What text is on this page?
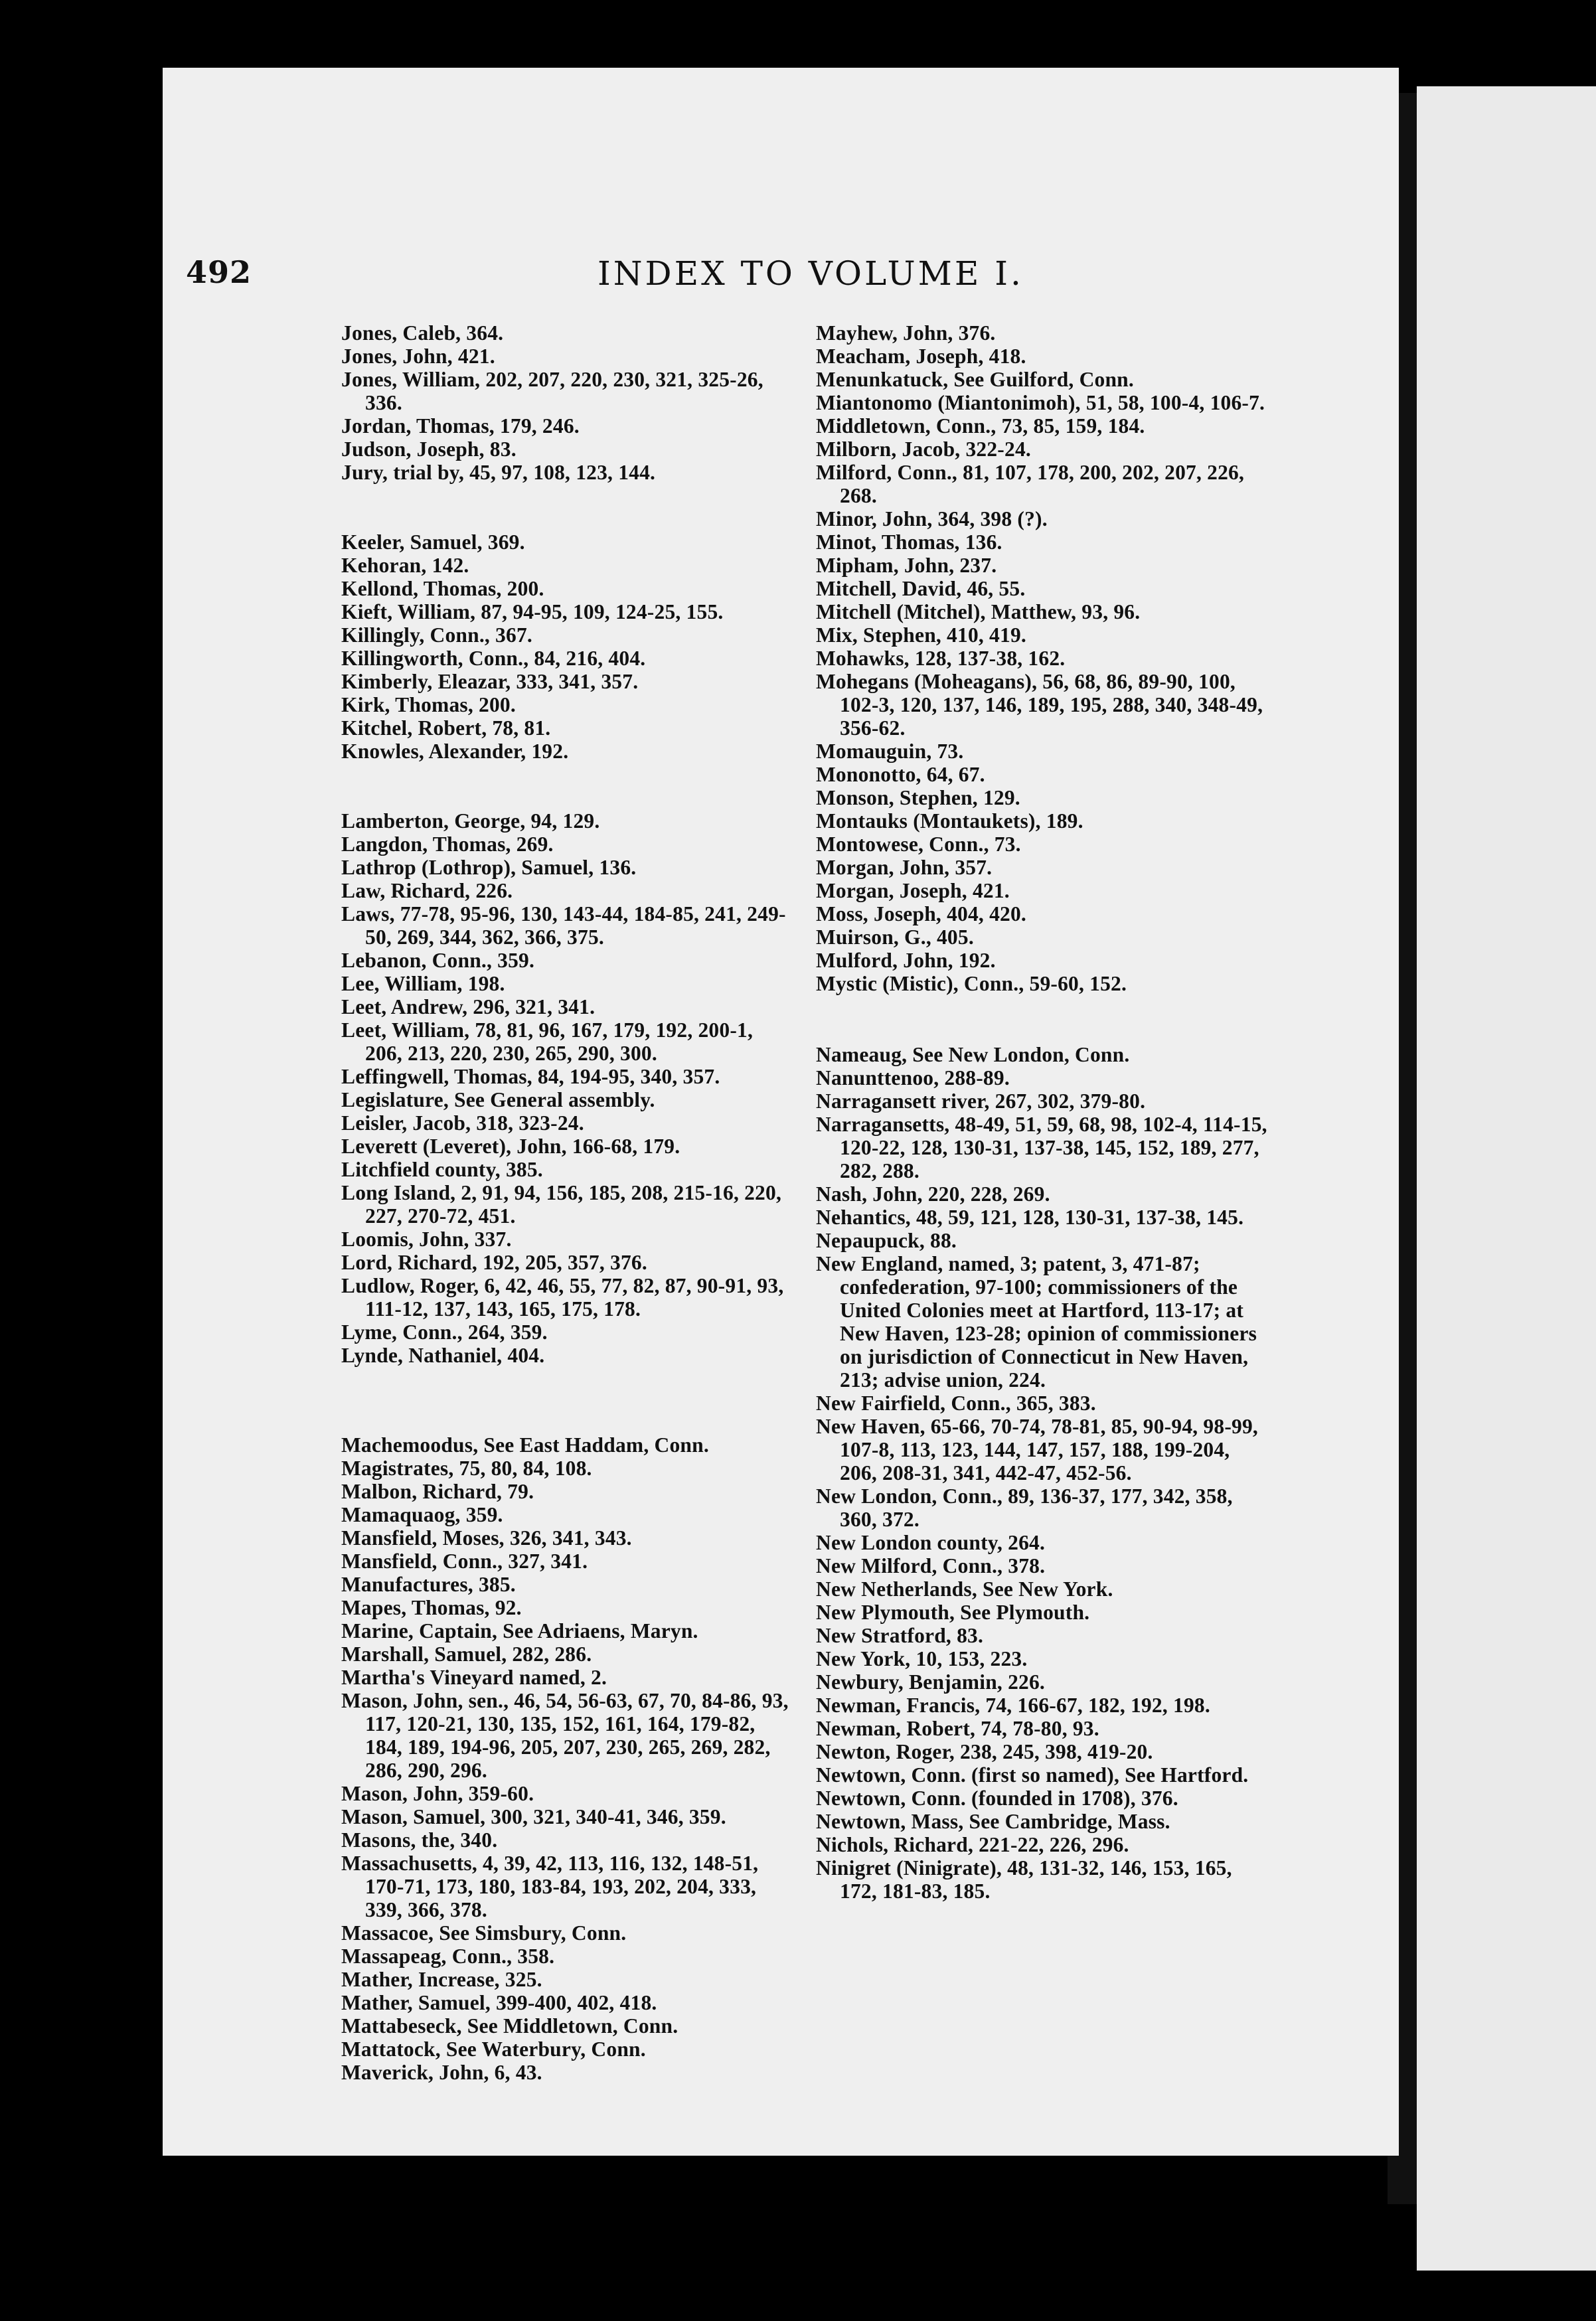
492	INDEX TO VOLUME I.
Jones, Caleb, 364.
Jones, John, 421.
Jones, William, 202, 207, 220, 230, 321, 325-26, 336.
Jordan, Thomas, 179, 246.
Judson, Joseph, 83.
Jury, trial by, 45, 97, 108, 123, 144.
Keeler, Samuel, 369.
Kehoran, 142.
Kellond, Thomas, 200.
Kieft, William, 87, 94-95, 109, 124-25, 155.
Killingly, Conn., 367.
Killingworth, Conn., 84, 216, 404.
Kimberly, Eleazar, 333, 341, 357.
Kirk, Thomas, 200.
Kitchel, Robert, 78, 81.
Knowles, Alexander, 192.
Lamberton, George, 94, 129.
Langdon, Thomas, 269.
Lathrop (Lothrop), Samuel, 136.
Law, Richard, 226.
Laws, 77-78, 95-96, 130, 143-44, 184-85, 241, 249-50, 269, 344, 362, 366, 375.
Lebanon, Conn., 359.
Lee, William, 198.
Leet, Andrew, 296, 321, 341.
Leet, William, 78, 81, 96, 167, 179, 192, 200-1, 206, 213, 220, 230, 265, 290, 300.
Leffingwell, Thomas, 84, 194-95, 340, 357.
Legislature, See General assembly.
Leisler, Jacob, 318, 323-24.
Leverett (Leveret), John, 166-68, 179.
Litchfield county, 385.
Long Island, 2, 91, 94, 156, 185, 208, 215-16, 220, 227, 270-72, 451.
Loomis, John, 337.
Lord, Richard, 192, 205, 357, 376.
Ludlow, Roger, 6, 42, 46, 55, 77, 82, 87, 90-91, 93, 111-12, 137, 143, 165, 175, 178.
Lyme, Conn., 264, 359.
Lynde, Nathaniel, 404.
Machemoodus, See East Haddam, Conn.
Magistrates, 75, 80, 84, 108.
Malbon, Richard, 79.
Mamaquaog, 359.
Mansfield, Moses, 326, 341, 343.
Mansfield, Conn., 327, 341.
Manufactures, 385.
Mapes, Thomas, 92.
Marine, Captain, See Adriaens, Maryn.
Marshall, Samuel, 282, 286.
Martha's Vineyard named, 2.
Mason, John, sen., 46, 54, 56-63, 67, 70, 84-86, 93, 117, 120-21, 130, 135, 152, 161, 164, 179-82, 184, 189, 194-96, 205, 207, 230, 265, 269, 282, 286, 290, 296.
Mason, John, 359-60.
Mason, Samuel, 300, 321, 340-41, 346, 359.
Masons, the, 340.
Massachusetts, 4, 39, 42, 113, 116, 132, 148-51, 170-71, 173, 180, 183-84, 193, 202, 204, 333, 339, 366, 378.
Massacoe, See Simsbury, Conn.
Massapeag, Conn., 358.
Mather, Increase, 325.
Mather, Samuel, 399-400, 402, 418.
Mattabeseck, See Middletown, Conn.
Mattatock, See Waterbury, Conn.
Maverick, John, 6, 43.
Mayhew, John, 376.
Meacham, Joseph, 418.
Menunkatuck, See Guilford, Conn.
Miantonomo (Miantonimoh), 51, 58, 100-4, 106-7.
Middletown, Conn., 73, 85, 159, 184.
Milborn, Jacob, 322-24.
Milford, Conn., 81, 107, 178, 200, 202, 207, 226, 268.
Minor, John, 364, 398 (?).
Minot, Thomas, 136.
Mipham, John, 237.
Mitchell, David, 46, 55.
Mitchell (Mitchel), Matthew, 93, 96.
Mix, Stephen, 410, 419.
Mohawks, 128, 137-38, 162.
Mohegans (Moheagans), 56, 68, 86, 89-90, 100, 102-3, 120, 137, 146, 189, 195, 288, 340, 348-49, 356-62.
Momauguin, 73.
Mononotto, 64, 67.
Monson, Stephen, 129.
Montauks (Montaukets), 189.
Montowese, Conn., 73.
Morgan, John, 357.
Morgan, Joseph, 421.
Moss, Joseph, 404, 420.
Muirson, G., 405.
Mulford, John, 192.
Mystic (Mistic), Conn., 59-60, 152.
Nameaug, See New London, Conn.
Nanunttenoo, 288-89.
Narragansett river, 267, 302, 379-80.
Narragansetts, 48-49, 51, 59, 68, 98, 102-4, 114-15, 120-22, 128, 130-31, 137-38, 145, 152, 189, 277, 282, 288.
Nash, John, 220, 228, 269.
Nehantics, 48, 59, 121, 128, 130-31, 137-38, 145.
Nepaupuck, 88.
New England, named, 3; patent, 3, 471-87; confederation, 97-100; commissioners of the United Colonies meet at Hartford, 113-17; at New Haven, 123-28; opinion of commissioners on jurisdiction of Connecticut in New Haven, 213; advise union, 224.
New Fairfield, Conn., 365, 383.
New Haven, 65-66, 70-74, 78-81, 85, 90-94, 98-99, 107-8, 113, 123, 144, 147, 157, 188, 199-204, 206, 208-31, 341, 442-47, 452-56.
New London, Conn., 89, 136-37, 177, 342, 358, 360, 372.
New London county, 264.
New Milford, Conn., 378.
New Netherlands, See New York.
New Plymouth, See Plymouth.
New Stratford, 83.
New York, 10, 153, 223.
Newbury, Benjamin, 226.
Newman, Francis, 74, 166-67, 182, 192, 198.
Newman, Robert, 74, 78-80, 93.
Newton, Roger, 238, 245, 398, 419-20.
Newtown, Conn. (first so named), See Hartford.
Newtown, Conn. (founded in 1708), 376.
Newtown, Mass, See Cambridge, Mass.
Nichols, Richard, 221-22, 226, 296.
Ninigret (Ninigrate), 48, 131-32, 146, 153, 165, 172, 181-83, 185.
